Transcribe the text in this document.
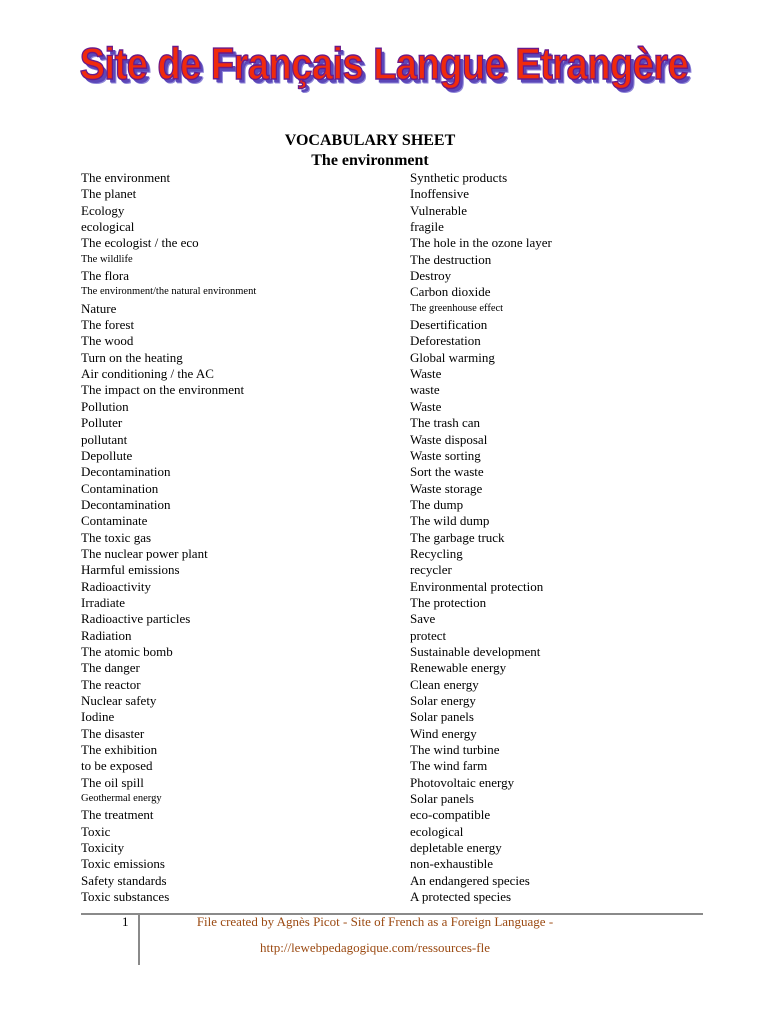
Site de Français Langue Etrangère
VOCABULARY SHEET
The environment
The environment
The planet
Ecology
ecological
The ecologist / the eco
The wildlife
The flora
The environment/the natural environment
Nature
The forest
The wood
Turn on the heating
Air conditioning / the AC
The impact on the environment
Pollution
Polluter
pollutant
Depollute
Decontamination
Contamination
Decontamination
Contaminate
The toxic gas
The nuclear power plant
Harmful emissions
Radioactivity
Irradiate
Radioactive particles
Radiation
The atomic bomb
The danger
The reactor
Nuclear safety
Iodine
The disaster
The exhibition
to be exposed
The oil spill
Geothermal energy
The treatment
Toxic
Toxicity
Toxic emissions
Safety standards
Toxic substances
Synthetic products
Inoffensive
Vulnerable
fragile
The hole in the ozone layer
The destruction
Destroy
Carbon dioxide
The greenhouse effect
Desertification
Deforestation
Global warming
Waste
waste
Waste
The trash can
Waste disposal
Waste sorting
Sort the waste
Waste storage
The dump
The wild dump
The garbage truck
Recycling
recycler
Environmental protection
The protection
Save
protect
Sustainable development
Renewable energy
Clean energy
Solar energy
Solar panels
Wind energy
The wind turbine
The wind farm
Photovoltaic energy
Solar panels
eco-compatible
ecological
depletable energy
non-exhaustible
An endangered species
A protected species
1	File created by Agnès Picot - Site of French as a Foreign Language -
http://lewebpedagogique.com/ressources-fle
